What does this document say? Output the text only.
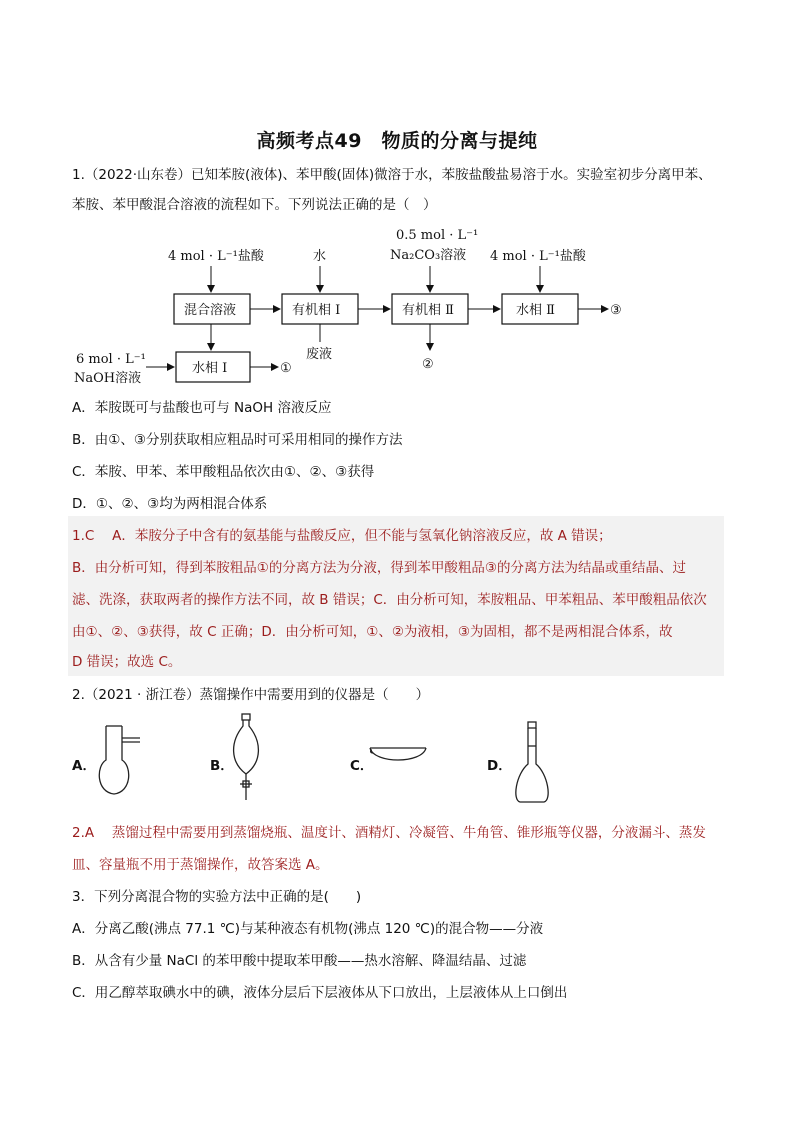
高频考点49　物质的分离与提纯
1.（2022·山东卷）已知苯胺(液体)、苯甲酸(固体)微溶于水，苯胺盐酸盐易溶于水。实验室初步分离甲苯、
苯胺、苯甲酸混合溶液的流程如下。下列说法正确的是（　）
4 mol · L⁻¹盐酸	水
0.5 mol · L⁻¹
Na₂CO₃溶液 4 mol · L⁻¹盐酸
混合溶液	有机相 Ⅰ	有机相 Ⅱ	水相 Ⅱ	③
废液
②
水相 Ⅰ
6 mol · L⁻¹
NaOH溶液
①
A．苯胺既可与盐酸也可与 NaOH 溶液反应
B．由①、③分别获取相应粗品时可采用相同的操作方法
C．苯胺、甲苯、苯甲酸粗品依次由①、②、③获得
D．①、②、③均为两相混合体系
1.C　 A．苯胺分子中含有的氨基能与盐酸反应，但不能与氢氧化钠溶液反应，故 A 错误；
B．由分析可知，得到苯胺粗品①的分离方法为分液，得到苯甲酸粗品③的分离方法为结晶或重结晶、过
滤、洗涤，获取两者的操作方法不同，故 B 错误；C．由分析可知，苯胺粗品、甲苯粗品、苯甲酸粗品依次
由①、②、③获得，故 C 正确；D．由分析可知，①、②为液相，③为固相，都不是两相混合体系，故
D 错误；故选 C。
2.（2021 · 浙江卷）蒸馏操作中需要用到的仪器是（　　）
A．	B．	C．	D．
2.A　 蒸馏过程中需要用到蒸馏烧瓶、温度计、酒精灯、冷凝管、牛角管、锥形瓶等仪器，分液漏斗、蒸发
皿、容量瓶不用于蒸馏操作，故答案选 A。
3．下列分离混合物的实验方法中正确的是(　　)
A．分离乙酸(沸点 77.1 ℃)与某种液态有机物(沸点 120 ℃)的混合物——分液
B．从含有少量 NaCl 的苯甲酸中提取苯甲酸——热水溶解、降温结晶、过滤
C．用乙醇萃取碘水中的碘，液体分层后下层液体从下口放出，上层液体从上口倒出
